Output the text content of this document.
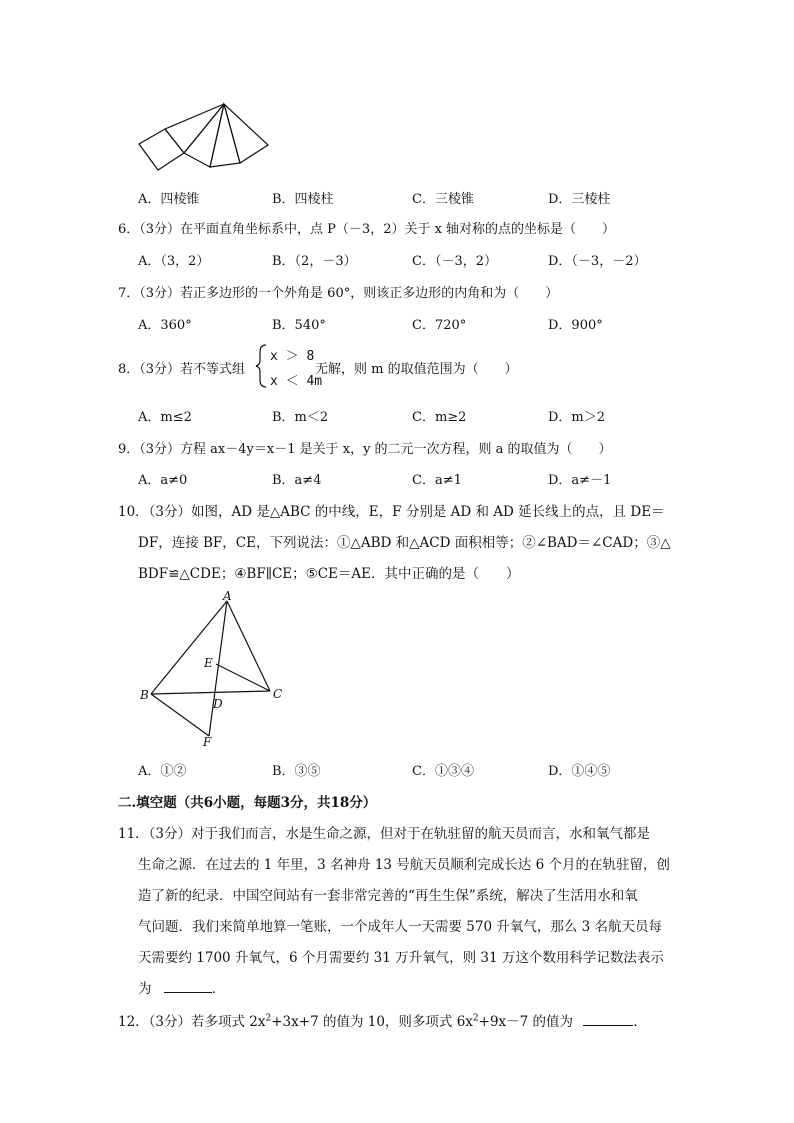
A．四棱锥	B．四棱柱	C．三棱锥	D．三棱柱
6．（3分）在平面直角坐标系中，点 P（－3，2）关于 x 轴对称的点的坐标是（　　）
A．（3，2）	B．（2，－3）	C．（－3，2）	D．（－3，－2）
7．（3分）若正多边形的一个外角是 60°，则该正多边形的内角和为（　　）
A．360°	B．540°	C．720°	D．900°
8．（3分）若不等式组
x ＞ 8
x ＜ 4m
无解，则 m 的取值范围为（　　）
A．m≤2	B．m＜2	C．m≥2	D．m＞2
9．（3分）方程 ax－4y＝x－1 是关于 x，y 的二元一次方程，则 a 的取值为（　　）
A．a≠0	B．a≠4	C．a≠1	D．a≠－1
10．（3分）如图，AD 是△ABC 的中线，E，F 分别是 AD 和 AD 延长线上的点，且 DE＝
DF，连接 BF，CE，下列说法：①△ABD 和△ACD 面积相等；②∠BAD＝∠CAD；③△
BDF≌△CDE；④BF∥CE；⑤CE＝AE．其中正确的是（　　）
A
B	C
D
E
F
A．①②	B．③⑤	C．①③④	D．①④⑤
二.填空题（共6小题，每题3分，共18分）
11．（3分）对于我们而言，水是生命之源，但对于在轨驻留的航天员而言，水和氧气都是
生命之源．在过去的 1 年里，3 名神舟 13 号航天员顺利完成长达 6 个月的在轨驻留，创
造了新的纪录．中国空间站有一套非常完善的“再生生保”系统，解决了生活用水和氧
气问题．我们来简单地算一笔账，一个成年人一天需要 570 升氧气，那么 3 名航天员每
天需要约 1700 升氧气，6 个月需要约 31 万升氧气，则 31 万这个数用科学记数法表示
为	．
12．（3分）若多项式 $2x^2+3x+7$ 的值为 10，则多项式 $6x^2+9x-7$ 的值为	．
